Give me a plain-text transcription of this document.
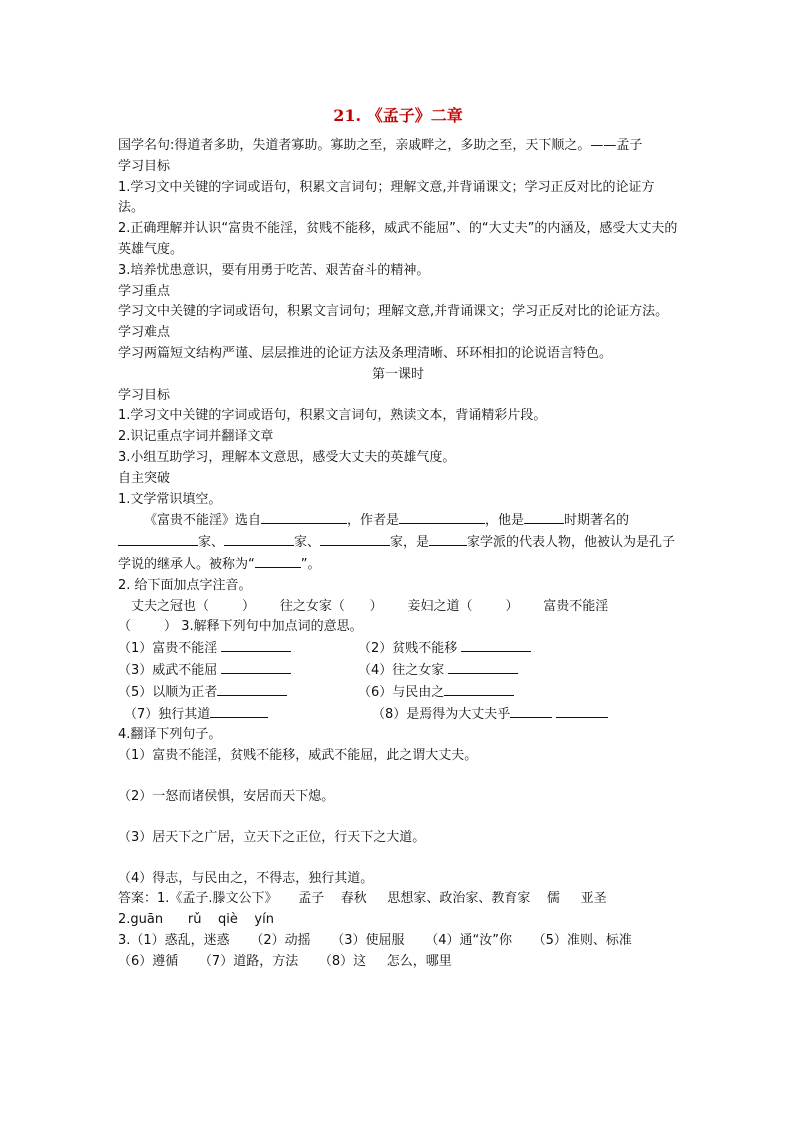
21. 《孟子》二章
国学名句:得道者多助，失道者寡助。寡助之至，亲戚畔之，多助之至，天下顺之。——孟子
学习目标
1.学习文中关键的字词或语句，积累文言词句；理解文意,并背诵课文；学习正反对比的论证方法。
2.正确理解并认识“富贵不能淫，贫贱不能移，威武不能屈”、的“大丈夫”的内涵及，感受大丈夫的英雄气度。
3.培养忧患意识，要有用勇于吃苦、艰苦奋斗的精神。
学习重点
学习文中关键的字词或语句，积累文言词句；理解文意,并背诵课文；学习正反对比的论证方法。
学习难点
学习两篇短文结构严谨、层层推进的论证方法及条理清晰、环环相扣的论说语言特色。
第一课时
学习目标
1.学习文中关键的字词或语句，积累文言词句，熟读文本，背诵精彩片段。
2.识记重点字词并翻译文章
3.小组互助学习，理解本文意思，感受大丈夫的英雄气度。
自主突破
1.文学常识填空。
《富贵不能淫》选自	，作者是	，他是	时期著名的
家、	家、	家，是	家学派的代表人物，他被认为是孔子学说的继承人。被称为“	”。
2. 给下面加点字注音。
丈夫之冠也（        ）      往之女家（      ）      妾妇之道（        ）      富贵不能淫
（        ） 3.解释下列句中加点词的意思。
（1）富贵不能淫	（2）贫贱不能移
（3）威武不能屈	（4）往之女家
（5）以顺为正者	（6）与民由之
（7）独行其道	（8）是焉得为大丈夫乎
4.翻译下列句子。
（1）富贵不能淫，贫贱不能移，威武不能屈，此之谓大丈夫。
（2）一怒而诸侯惧，安居而天下熄。
（3）居天下之广居，立天下之正位，行天下之大道。
（4）得志，与民由之，不得志，独行其道。
答案：1.《孟子.滕文公下》     孟子    春秋     思想家、政治家、教育家    儒     亚圣
2.guān      rǔ    qiè    yín
3.（1）惑乱，迷惑     （2）动摇     （3）使屈服     （4）通“汝”你     （5）准则、标准
（6）遵循     （7）道路，方法     （8）这     怎么，哪里
